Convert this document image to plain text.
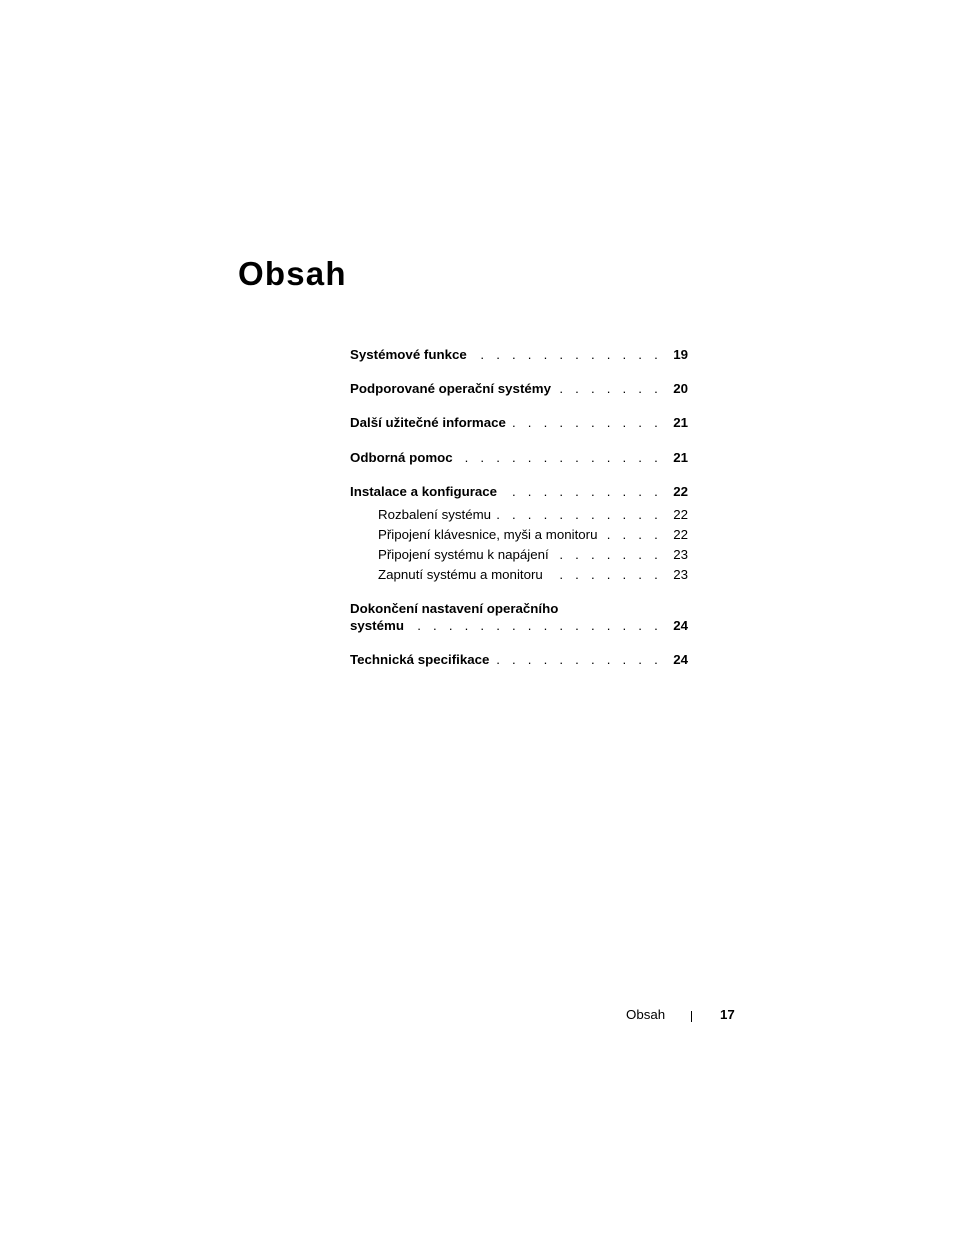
Obsah
Systémové funkce . . .	19
Podporované operační systémy . . .	20
Další užitečné informace . . .	21
Odborná pomoc . . .	21
Instalace a konfigurace . . .	22
Rozbalení systému . . .	22
Připojení klávesnice, myši a monitoru . . .	22
Připojení systému k napájení . . .	23
Zapnutí systému a monitoru . . .	23
Dokončení nastavení operačního
systému . . .	24
Technická specifikace . . .	24
Obsah	17
